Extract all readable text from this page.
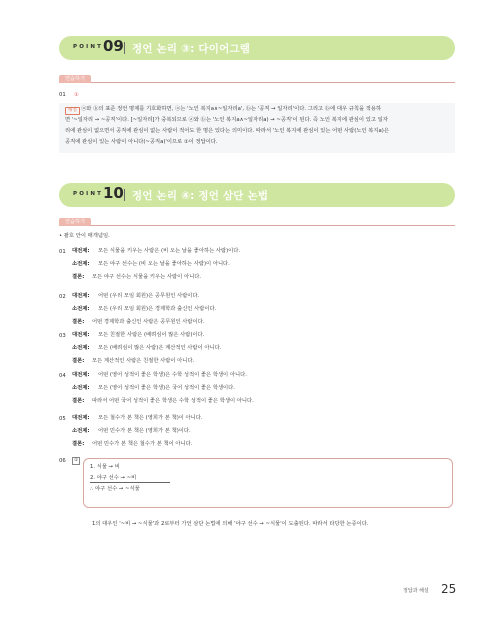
POINT 09 정언 논리 ③: 다이어그램
연습하기
01 ①
해설 ⓐ와 ⓑ의 표준 정언 명제를 기호화하면, ⓐ는 '노인 복지a∧~일자리a', ⓑ는 '공직 → 일자리'이다. 그리고 ⓑ에 대우 규칙을 적용하
면 '~일자리 → ~공직'이다. [~일자리]가 중복되므로 ⓐ와 ⓑ는 '노인 복지a∧~일자리a) → ~공직'이 된다. 즉 노인 복지에 관심이 있고 일자
리에 관심이 없으면서 공직에 관심이 없는 사람이 적어도 한 명은 있다는 의미이다. 따라서 '노인 복지에 관심이 있는 어떤 사람(노인 복지a)은
공직에 관심이 있는 사람이 아니다(~공직a)'이므로 ①이 정답이다.
POINT 10 정언 논리 ④: 정언 삼단 논법
연습하기
• 괄호 안이 매개념임.
01 대전제: 모든 식물을 키우는 사람은 (비 오는 날을 좋아하는 사람)이다.
소전제: 모든 야구 선수는 (비 오는 날을 좋아하는 사람)이 아니다.
결론: 모든 야구 선수는 식물을 키우는 사람이 아니다.
02 대전제: 어떤 (우리 모임 회원)은 공무원인 사람이다.
소전제: 모든 (우리 모임 회원)은 경제학과 출신인 사람이다.
결론: 어떤 경제학과 출신인 사람은 공무원인 사람이다.
03 대전제: 모든 친절한 사람은 (배려심이 많은 사람)이다.
소전제: 모든 (배려심이 많은 사람)은 계산적인 사람이 아니다.
결론: 모든 계산적인 사람은 친절한 사람이 아니다.
04 대전제: 어떤 (영어 성적이 좋은 학생)은 수학 성적이 좋은 학생이 아니다.
소전제: 모든 (영어 성적이 좋은 학생)은 국어 성적이 좋은 학생이다.
결론: 따라서 어떤 국어 성적이 좋은 학생은 수학 성적이 좋은 학생이 아니다.
05 대전제: 모든 철수가 본 책은 (영희가 본 책)이 아니다.
소전제: 어떤 민수가 본 책은 (영희가 본 책)이다.
결론: 어떤 민수가 본 책은 철수가 본 책이 아니다.
06	①
1. 식물 → 비
2. 야구 선수 → ~비
∴ 야구 선수 → ~식물
1의 대우인 '~비 → ~식물'과 2로부터 가언 삼단 논법에 의해 '야구 선수 → ~식물'이 도출된다. 따라서 타당한 논증이다.
정답과 해설 25
